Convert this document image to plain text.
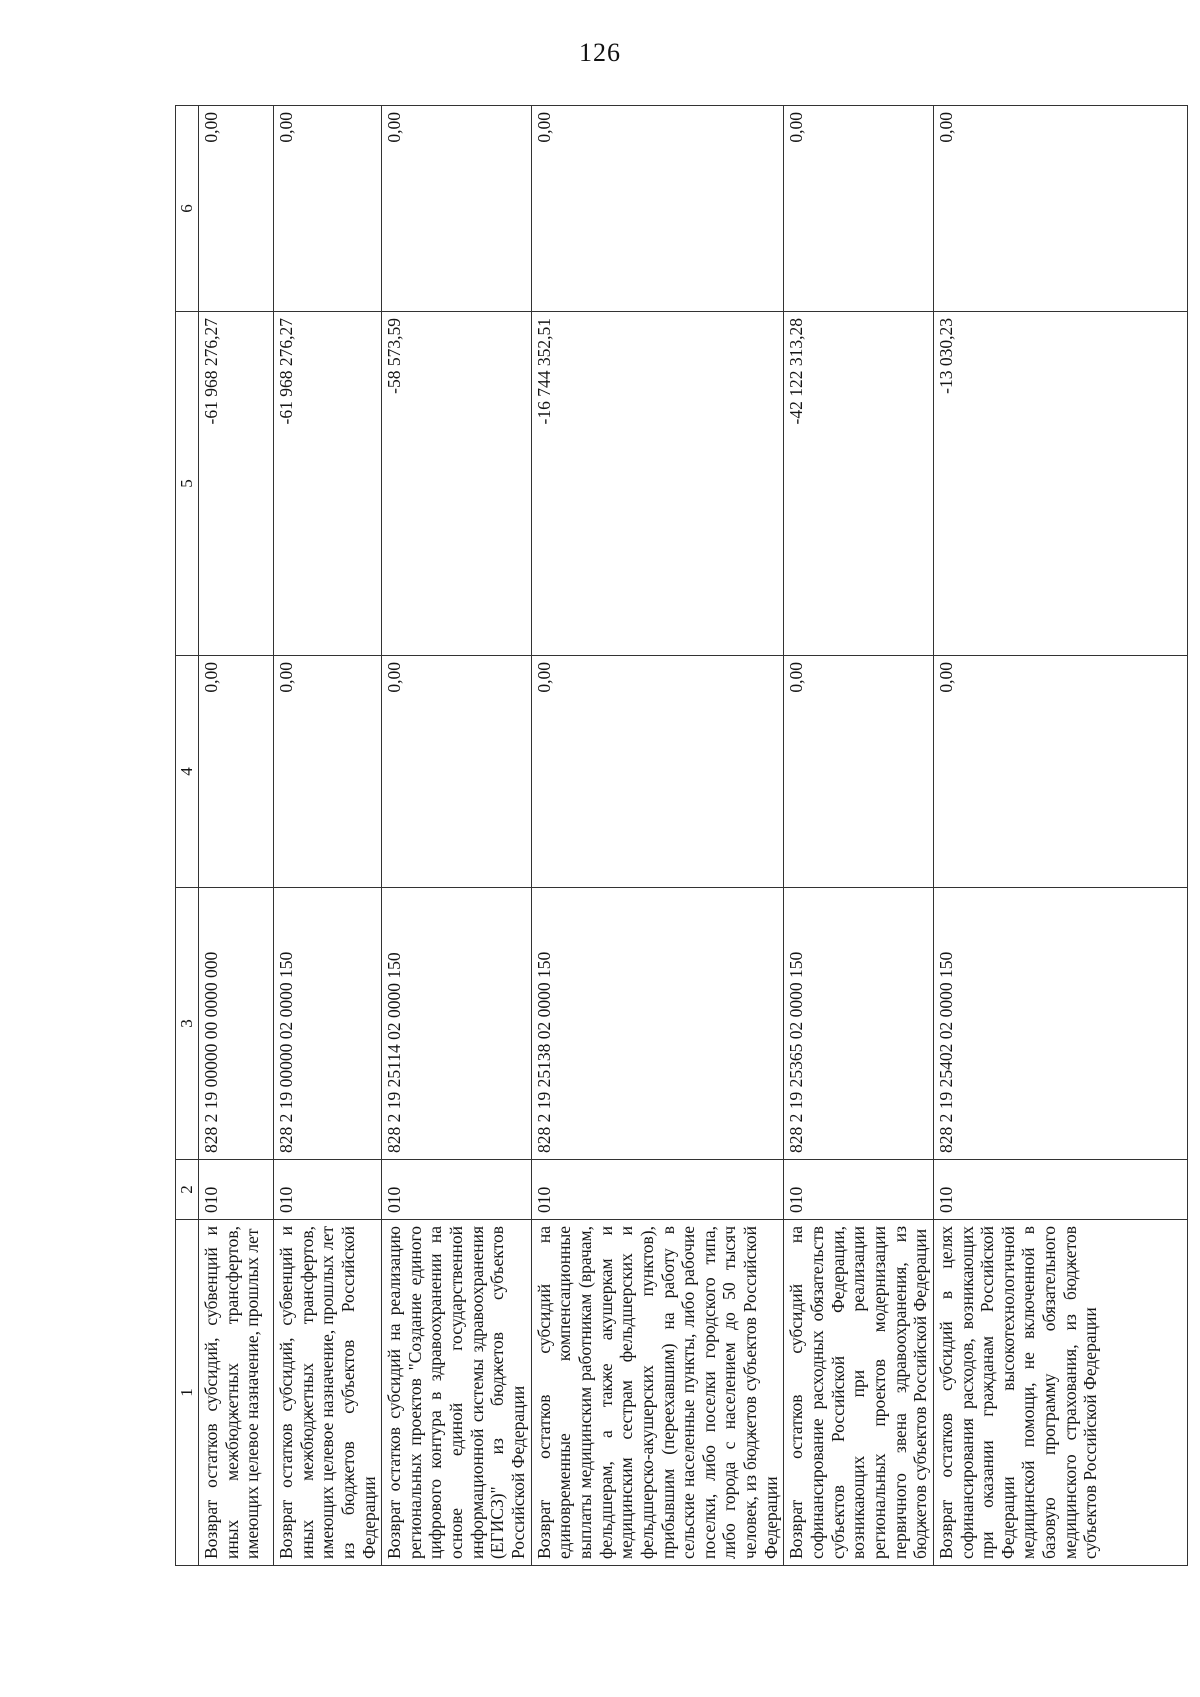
126
1	2	3	4	5	6
Возврат остатков субсидий, субвенций и иных межбюджетных трансфертов, имеющих целевое назначение, прошлых лет	010	828 2 19 00000 00 0000 000	0,00	-61 968 276,27	0,00
Возврат остатков субсидий, субвенций и иных межбюджетных трансфертов, имеющих целевое назначение, прошлых лет из бюджетов субъектов Российской Федерации	010	828 2 19 00000 02 0000 150	0,00	-61 968 276,27	0,00
Возврат остатков субсидий на реализацию региональных проектов "Создание единого цифрового контура в здравоохранении на основе единой государственной информационной системы здравоохранения (ЕГИСЗ)" из бюджетов субъектов Российской Федерации	010	828 2 19 25114 02 0000 150	0,00	-58 573,59	0,00
Возврат остатков субсидий на единовременные компенсационные выплаты медицинским работникам (врачам, фельдшерам, а также акушеркам и медицинским сестрам фельдшерских и фельдшерско-акушерских пунктов), прибывшим (переехавшим) на работу в сельские населенные пункты, либо рабочие поселки, либо поселки городского типа, либо города с населением до 50 тысяч человек, из бюджетов субъектов Российской Федерации	010	828 2 19 25138 02 0000 150	0,00	-16 744 352,51	0,00
Возврат остатков субсидий на софинансирование расходных обязательств субъектов Российской Федерации, возникающих при реализации региональных проектов модернизации первичного звена здравоохранения, из бюджетов субъектов Российской Федерации	010	828 2 19 25365 02 0000 150	0,00	-42 122 313,28	0,00
Возврат остатков субсидий в целях софинансирования расходов, возникающих при оказании гражданам Российской Федерации высокотехнологичной медицинской помощи, не включенной в базовую программу обязательного медицинского страхования, из бюджетов субъектов Российской Федерации	010	828 2 19 25402 02 0000 150	0,00	-13 030,23	0,00
